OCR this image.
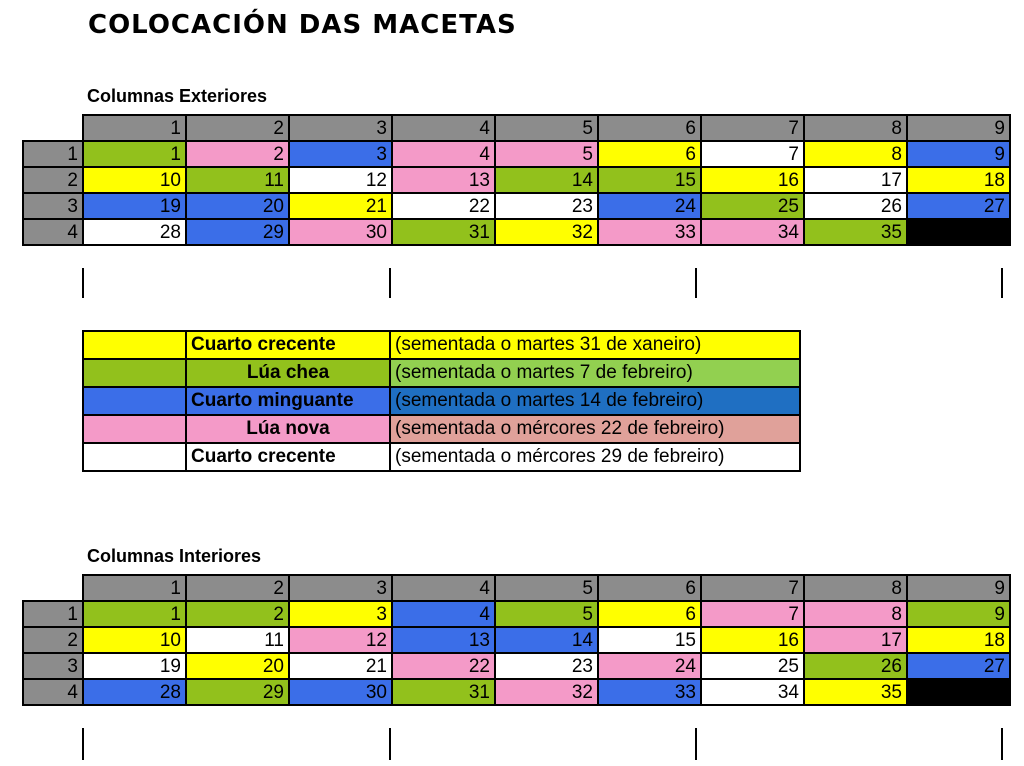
COLOCACIÓN DAS MACETAS
Columnas Exteriores
	1	2	3	4	5	6	7	8	9
1	1	2	3	4	5	6	7	8	9
2	10	11	12	13	14	15	16	17	18
3	19	20	21	22	23	24	25	26	27
4	28	29	30	31	32	33	34	35	
	Cuarto crecente	(sementada o martes 31 de xaneiro)
	Lúa chea	(sementada o martes 7 de febreiro)
	Cuarto minguante	(sementada o martes 14 de febreiro)
	Lúa nova	(sementada o mércores 22 de febreiro)
	Cuarto crecente	(sementada o mércores 29 de febreiro)
Columnas Interiores
	1	2	3	4	5	6	7	8	9
1	1	2	3	4	5	6	7	8	9
2	10	11	12	13	14	15	16	17	18
3	19	20	21	22	23	24	25	26	27
4	28	29	30	31	32	33	34	35	
